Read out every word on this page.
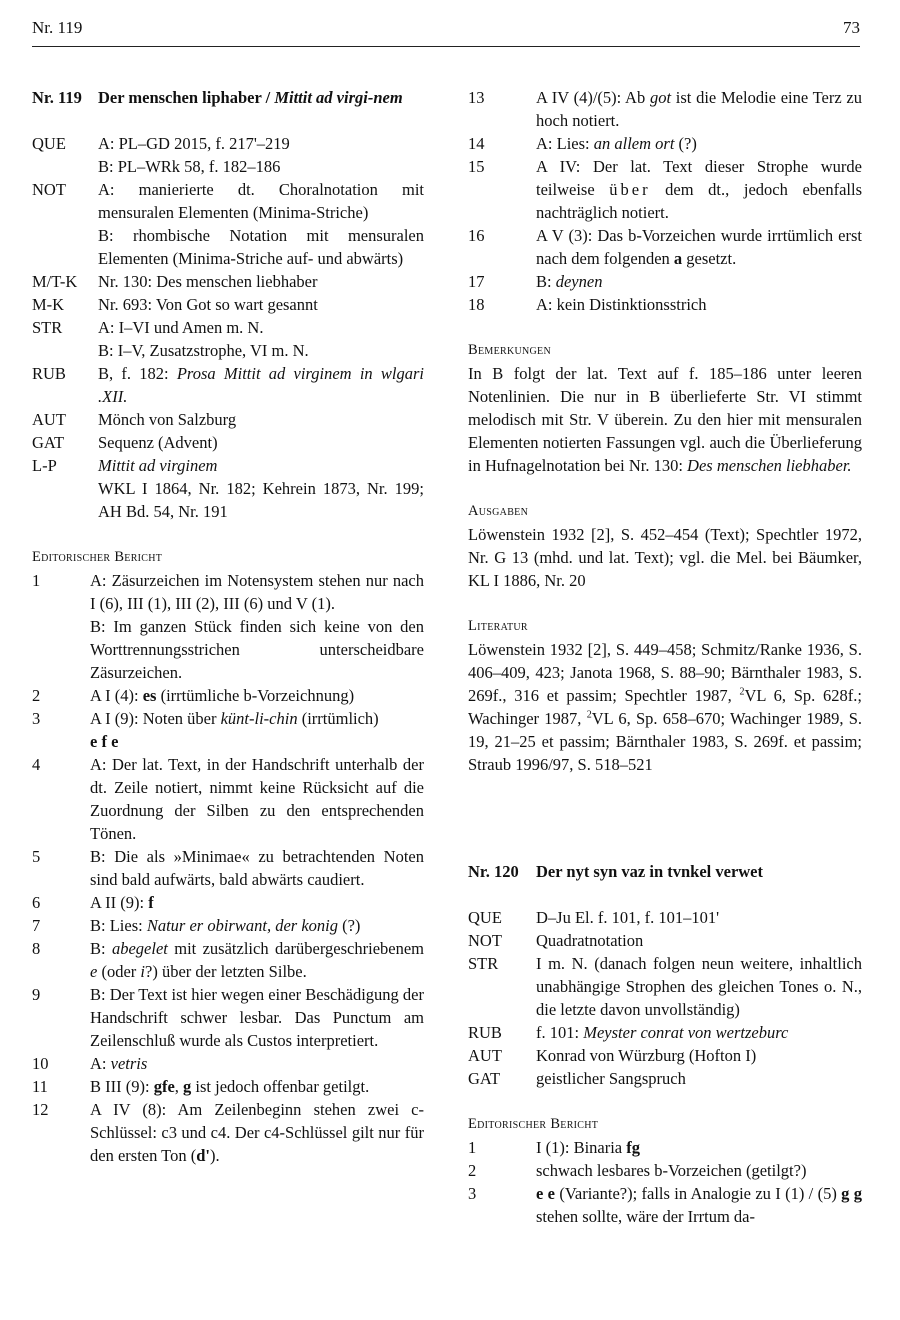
Nr. 119	73
Nr. 119 Der menschen liphaber / Mittit ad virgi-nem
QUE	A: PL–GD 2015, f. 217'–219
B: PL–WRk 58, f. 182–186
NOT	A: manierierte dt. Choralnotation mit mensuralen Elementen (Minima-Striche)
B: rhombische Notation mit mensuralen Elementen (Minima-Striche auf- und abwärts)
M/T-K	Nr. 130: Des menschen liebhaber
M-K	Nr. 693: Von Got so wart gesannt
STR	A: I–VI und Amen m. N.
B: I–V, Zusatzstrophe, VI m. N.
RUB	B, f. 182: Prosa Mittit ad virginem in wlgari .XII.
AUT	Mönch von Salzburg
GAT	Sequenz (Advent)
L-P	Mittit ad virginem
WKL I 1864, Nr. 182; Kehrein 1873, Nr. 199; AH Bd. 54, Nr. 191
Editorischer Bericht
1	A: Zäsurzeichen im Notensystem stehen nur nach I (6), III (1), III (2), III (6) und V (1).
B: Im ganzen Stück finden sich keine von den Worttrennungsstrichen unterscheidbare Zäsurzeichen.
2	A I (4): es (irrtümliche b-Vorzeichnung)
3	A I (9): Noten über künt-li-chin (irrtümlich)
e f e
4	A: Der lat. Text, in der Handschrift unterhalb der dt. Zeile notiert, nimmt keine Rücksicht auf die Zuordnung der Silben zu den entsprechenden Tönen.
5	B: Die als »Minimae« zu betrachtenden Noten sind bald aufwärts, bald abwärts caudiert.
6	A II (9): f
7	B: Lies: Natur er obirwant, der konig (?)
8	B: abegelet mit zusätzlich darübergeschriebenem e (oder i?) über der letzten Silbe.
9	B: Der Text ist hier wegen einer Beschädigung der Handschrift schwer lesbar. Das Punctum am Zeilenschluß wurde als Custos interpretiert.
10	A: vetris
11	B III (9): gfe, g ist jedoch offenbar getilgt.
12	A IV (8): Am Zeilenbeginn stehen zwei c-Schlüssel: c3 und c4. Der c4-Schlüssel gilt nur für den ersten Ton (d').
13	A IV (4)/(5): Ab got ist die Melodie eine Terz zu hoch notiert.
14	A: Lies: an allem ort (?)
15	A IV: Der lat. Text dieser Strophe wurde teilweise über dem dt., jedoch ebenfalls nachträglich notiert.
16	A V (3): Das b-Vorzeichen wurde irrtümlich erst nach dem folgenden a gesetzt.
17	B: deynen
18	A: kein Distinktionsstrich
Bemerkungen
In B folgt der lat. Text auf f. 185–186 unter leeren Notenlinien. Die nur in B überlieferte Str. VI stimmt melodisch mit Str. V überein. Zu den hier mit mensuralen Elementen notierten Fassungen vgl. auch die Überlieferung in Hufnagelnotation bei Nr. 130: Des menschen liebhaber.
Ausgaben
Löwenstein 1932 [2], S. 452–454 (Text); Spechtler 1972, Nr. G 13 (mhd. und lat. Text); vgl. die Mel. bei Bäumker, KL I 1886, Nr. 20
Literatur
Löwenstein 1932 [2], S. 449–458; Schmitz/Ranke 1936, S. 406–409, 423; Janota 1968, S. 88–90; Bärnthaler 1983, S. 269f., 316 et passim; Spechtler 1987, $^2$VL 6, Sp. 628f.; Wachinger 1987, $^2$VL 6, Sp. 658–670; Wachinger 1989, S. 19, 21–25 et passim; Bärnthaler 1983, S. 269f. et passim; Straub 1996/97, S. 518–521
Nr. 120	Der nyt syn vaz in tvnkel verwet
QUE	D–Ju El. f. 101, f. 101–101'
NOT	Quadratnotation
STR	I m. N. (danach folgen neun weitere, inhaltlich unabhängige Strophen des gleichen Tones o. N., die letzte davon unvollständig)
RUB	f. 101: Meyster conrat von wertzeburc
AUT	Konrad von Würzburg (Hofton I)
GAT	geistlicher Sangspruch
Editorischer Bericht
1	I (1): Binaria fg
2	schwach lesbares b-Vorzeichen (getilgt?)
3	e e (Variante?); falls in Analogie zu I (1) / (5) g g stehen sollte, wäre der Irrtum da-
